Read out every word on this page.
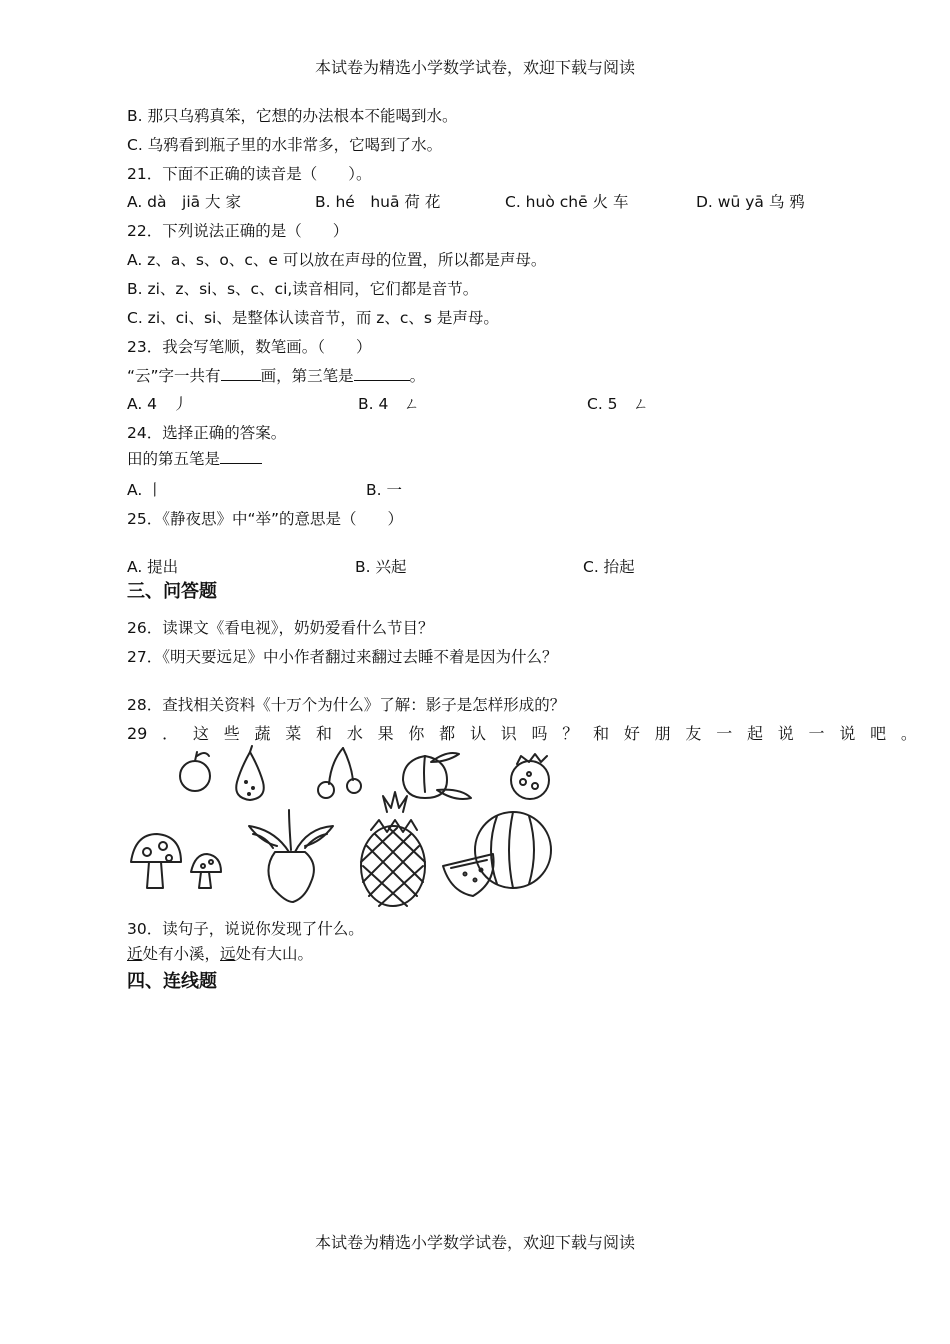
本试卷为精选小学数学试卷，欢迎下载与阅读
B. 那只乌鸦真笨，它想的办法根本不能喝到水。
C. 乌鸦看到瓶子里的水非常多，它喝到了水。
21．下面不正确的读音是（　　）。
A. dà　jiā 大 家	B. hé　huā 荷 花	C. huò chē 火 车	D. wū yā 乌 鸦
22．下列说法正确的是（　　）
A. z、a、s、o、c、e 可以放在声母的位置，所以都是声母。
B. zi、z、si、s、c、ci,读音相同，它们都是音节。
C. zi、ci、si、是整体认读音节，而 z、c、s 是声母。
23．我会写笔顺，数笔画。（　　）
“云”字一共有	画，第三笔是	。
A. 4　丿	B. 4　ㄥ	C. 5　ㄥ
24．选择正确的答案。
田的第五笔是
A. 丨	B. 一
25．《静夜思》中“举”的意思是（　　）
A. 提出	B. 兴起	C. 抬起
三、问答题
26．读课文《看电视》，奶奶爱看什么节目？
27．《明天要远足》中小作者翻过来翻过去睡不着是因为什么？
28．查找相关资料《十万个为什么》了解：影子是怎样形成的？
29 ． 这 些 蔬 菜 和 水 果 你 都 认 识 吗 ？ 和 好 朋 友 一 起 说 一 说 吧 。
30．读句子，说说你发现了什么。
近处有小溪，远处有大山。
四、连线题
本试卷为精选小学数学试卷，欢迎下载与阅读
